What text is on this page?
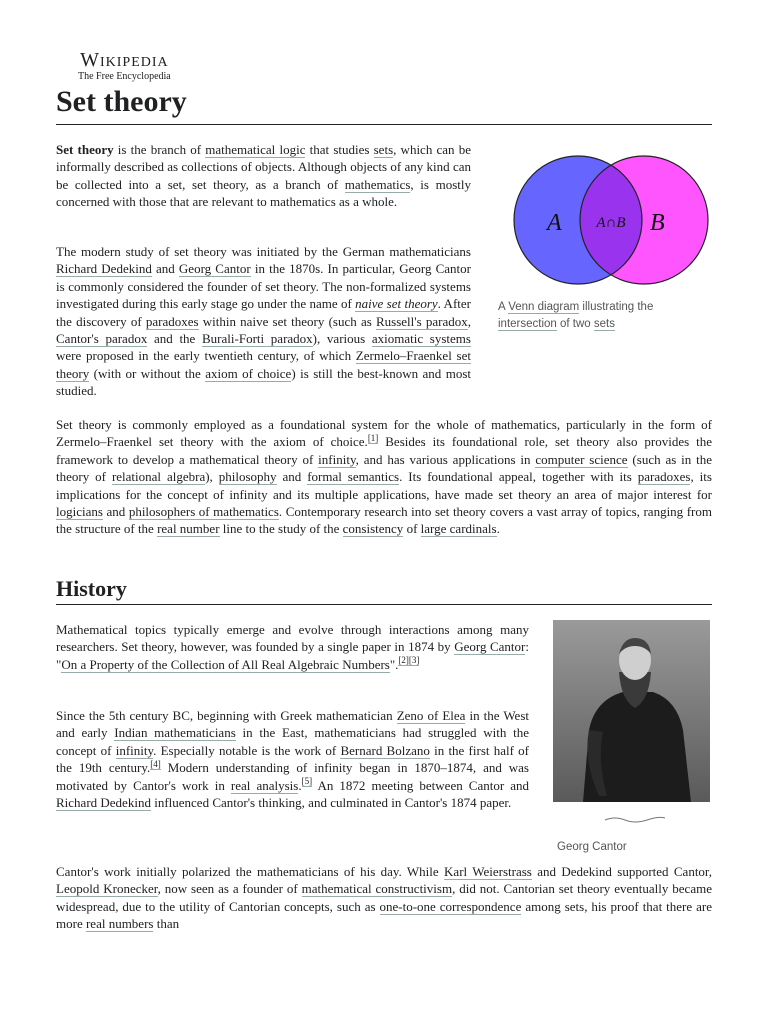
Wikipedia
The Free Encyclopedia
Set theory
A	B
A∩B
A Venn diagram illustrating the intersection of two sets

Set theory is the branch of mathematical logic that studies sets, which can be informally described as collections of objects. Although objects of any kind can be collected into a set, set theory, as a branch of mathematics, is mostly concerned with those that are relevant to mathematics as a whole.

The modern study of set theory was initiated by the German mathematicians Richard Dedekind and Georg Cantor in the 1870s. In particular, Georg Cantor is commonly considered the founder of set theory. The non-formalized systems investigated during this early stage go under the name of naive set theory. After the discovery of paradoxes within naive set theory (such as Russell's paradox, Cantor's paradox and the Burali-Forti paradox), various axiomatic systems were proposed in the early twentieth century, of which Zermelo–Fraenkel set theory (with or without the axiom of choice) is still the best-known and most studied.

Set theory is commonly employed as a foundational system for the whole of mathematics, particularly in the form of Zermelo–Fraenkel set theory with the axiom of choice.[1] Besides its foundational role, set theory also provides the framework to develop a mathematical theory of infinity, and has various applications in computer science (such as in the theory of relational algebra), philosophy and formal semantics. Its foundational appeal, together with its paradoxes, its implications for the concept of infinity and its multiple applications, have made set theory an area of major interest for logicians and philosophers of mathematics. Contemporary research into set theory covers a vast array of topics, ranging from the structure of the real number line to the study of the consistency of large cardinals.

History
Georg Cantor

Mathematical topics typically emerge and evolve through interactions among many researchers. Set theory, however, was founded by a single paper in 1874 by Georg Cantor: "On a Property of the Collection of All Real Algebraic Numbers".[2][3]

Since the 5th century BC, beginning with Greek mathematician Zeno of Elea in the West and early Indian mathematicians in the East, mathematicians had struggled with the concept of infinity. Especially notable is the work of Bernard Bolzano in the first half of the 19th century.[4] Modern understanding of infinity began in 1870–1874, and was motivated by Cantor's work in real analysis.[5] An 1872 meeting between Cantor and Richard Dedekind influenced Cantor's thinking, and culminated in Cantor's 1874 paper.

Cantor's work initially polarized the mathematicians of his day. While Karl Weierstrass and Dedekind supported Cantor, Leopold Kronecker, now seen as a founder of mathematical constructivism, did not. Cantorian set theory eventually became widespread, due to the utility of Cantorian concepts, such as one-to-one correspondence among sets, his proof that there are more real numbers than
